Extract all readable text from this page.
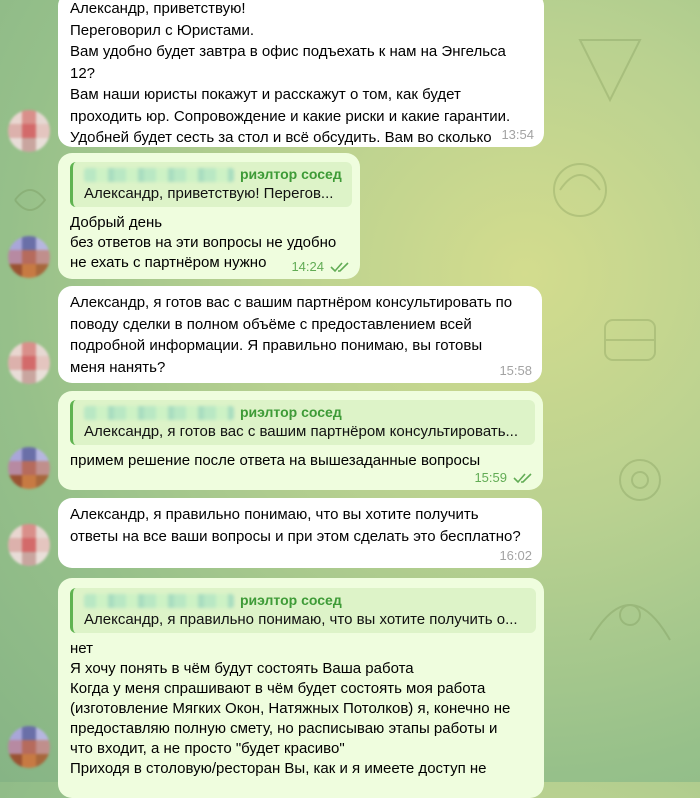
Александр, приветствую!
Переговорил с Юристами.
Вам удобно будет завтра в офис подъехать к нам на Энгельса 12?
Вам наши юристы покажут и расскажут о том, как будет
проходить юр. Сопровождение и какие риски и какие гарантии.
Удобней будет сесть за стол и всё обсудить. Вам во сколько 13:54
риэлтор сосед
Александр, приветствую! Перегов...
Добрый день
без ответов на эти вопросы не удобно
не ехать с партнёром нужно	14:24
Александр, я готов вас с вашим партнёром консультировать по
поводу сделки в полном объёме с предоставлением всей
подробной информации. Я правильно понимаю, вы готовы
меня нанять?	15:58
риэлтор сосед
Александр, я готов вас с вашим партнёром консультировать...
примем решение после ответа на вышезаданные вопросы
15:59
Александр, я правильно понимаю, что вы хотите получить
ответы на все ваши вопросы и при этом сделать это бесплатно?
16:02
риэлтор сосед
Александр, я правильно понимаю, что вы хотите получить о...
нет
Я хочу понять в чём будут состоять Ваша работа
Когда у меня спрашивают в чём будет состоять моя работа
(изготовление Мягких Окон, Натяжных Потолков) я, конечно не
предоставляю полную смету, но расписываю этапы работы и
что входит, а не просто "будет красиво"
Приходя в столовую/ресторан Вы, как и я имеете доступ не
